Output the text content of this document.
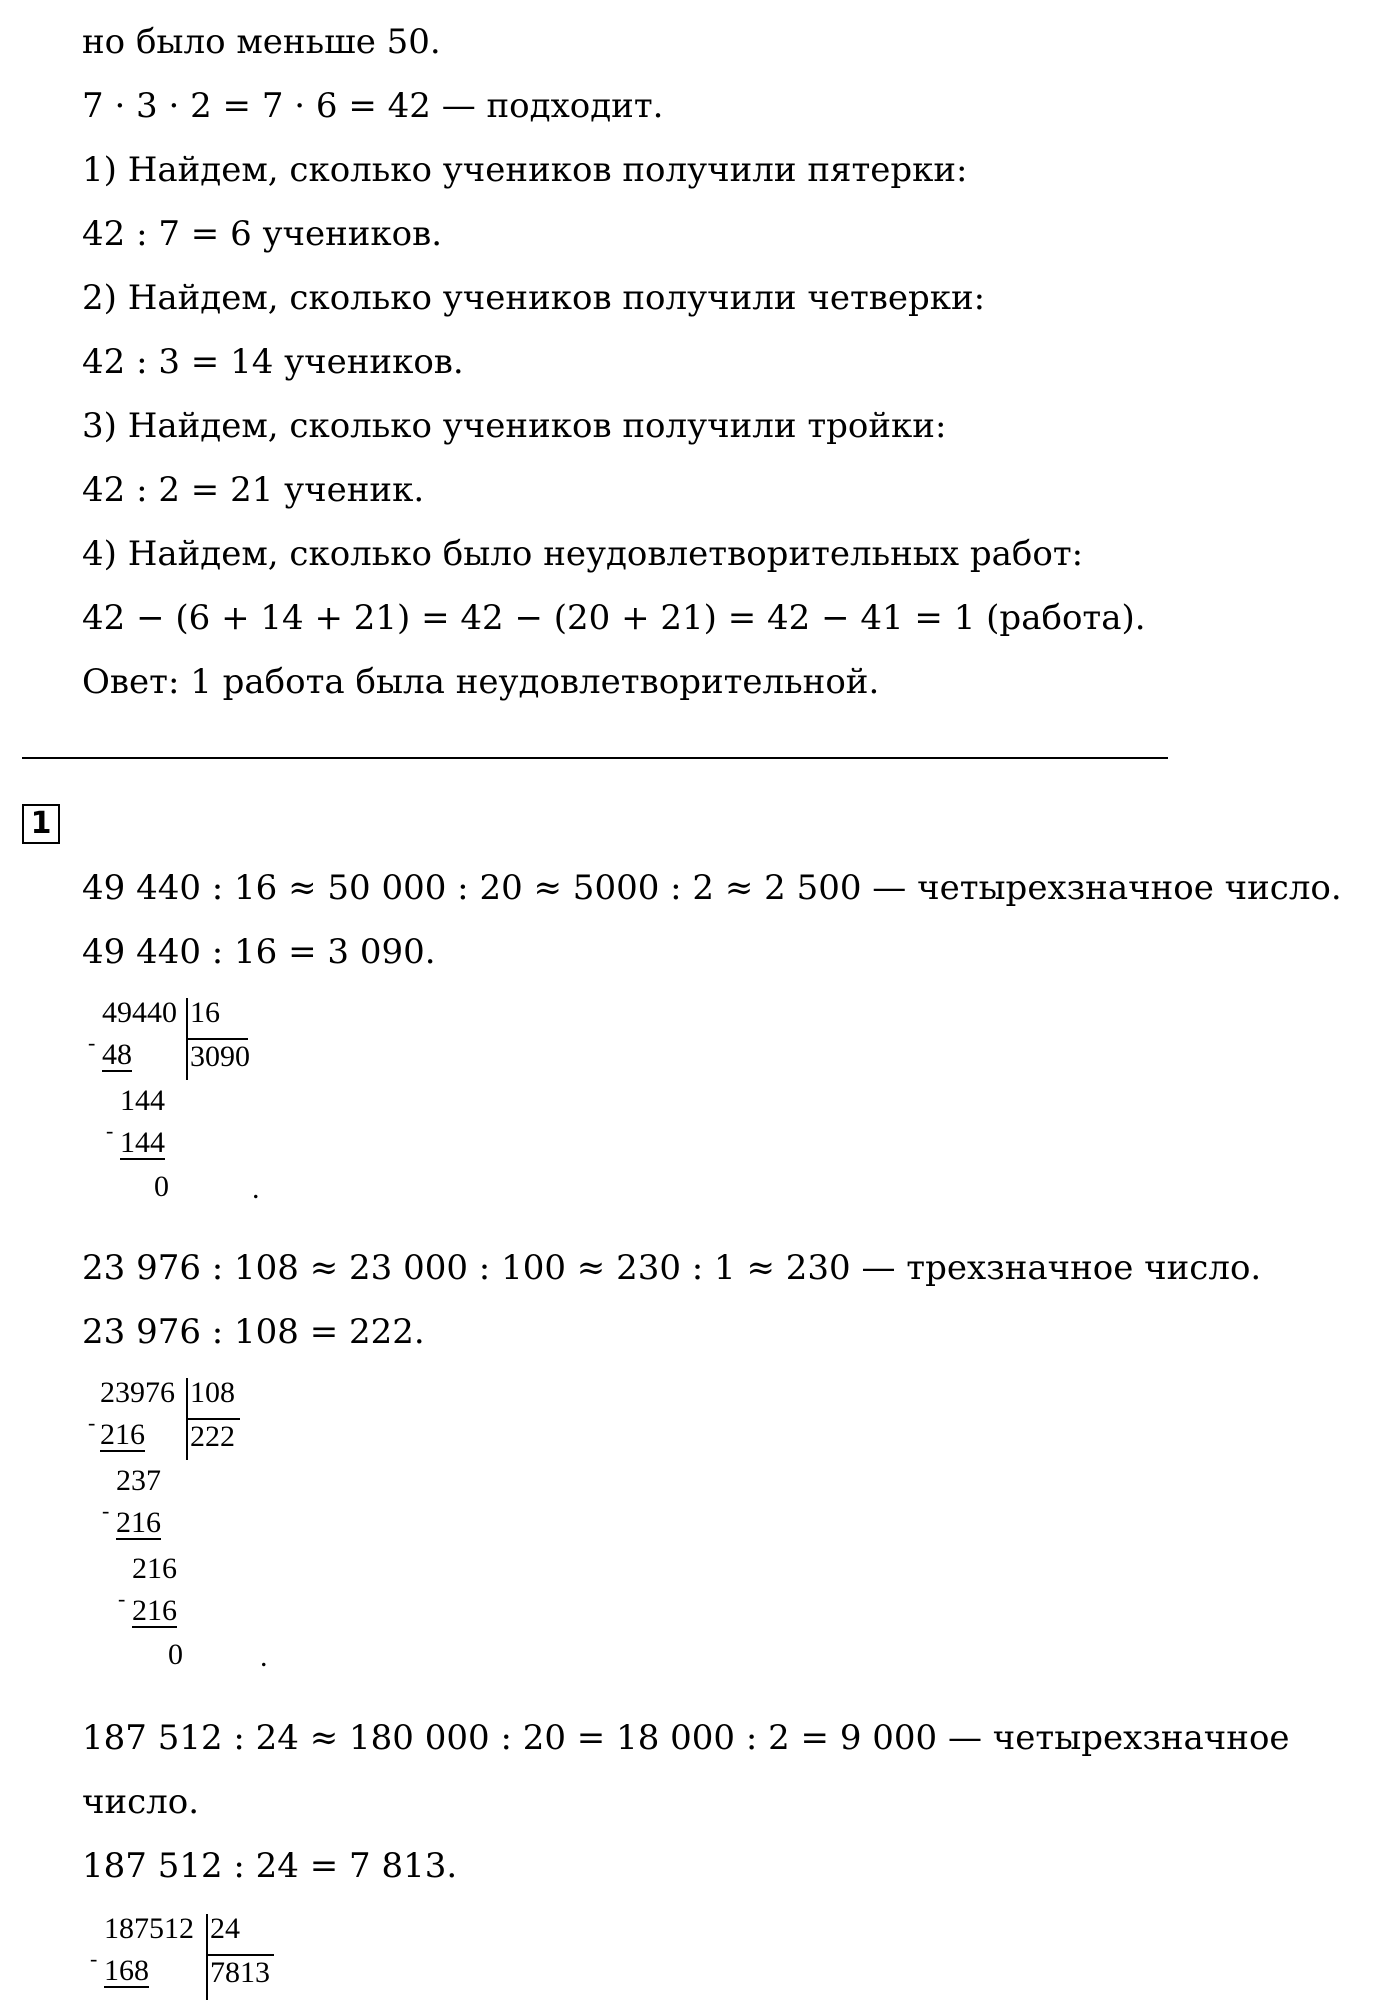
но было меньше 50.
7 · 3 · 2 = 7 · 6 = 42 — подходит.
1) Найдем, сколько учеников получили пятерки:
42 : 7 = 6 учеников.
2) Найдем, сколько учеников получили четверки:
42 : 3 = 14 учеников.
3) Найдем, сколько учеников получили тройки:
42 : 2 = 21 ученик.
4) Найдем, сколько было неудовлетворительных работ:
42 − (6 + 14 + 21) = 42 − (20 + 21) = 42 − 41 = 1 (работа).
Овет: 1 работа была неудовлетворительной.
1
49 440 : 16 ≈ 50 000 : 20 ≈ 5000 : 2 ≈ 2 500 — четырехзначное число.
49 440 : 16 = 3 090.
-
49440 16
48 3090
144
- 144
0	.
23 976 : 108 ≈ 23 000 : 100 ≈ 230 : 1 ≈ 230 — трехзначное число.
23 976 : 108 = 222.
-
23976 108
216 222
237
- 216
216
- 216
0	.
187 512 : 24 ≈ 180 000 : 20 = 18 000 : 2 = 9 000 — четырехзначное
число.
187 512 : 24 = 7 813.
-
187512 24
168 7813
